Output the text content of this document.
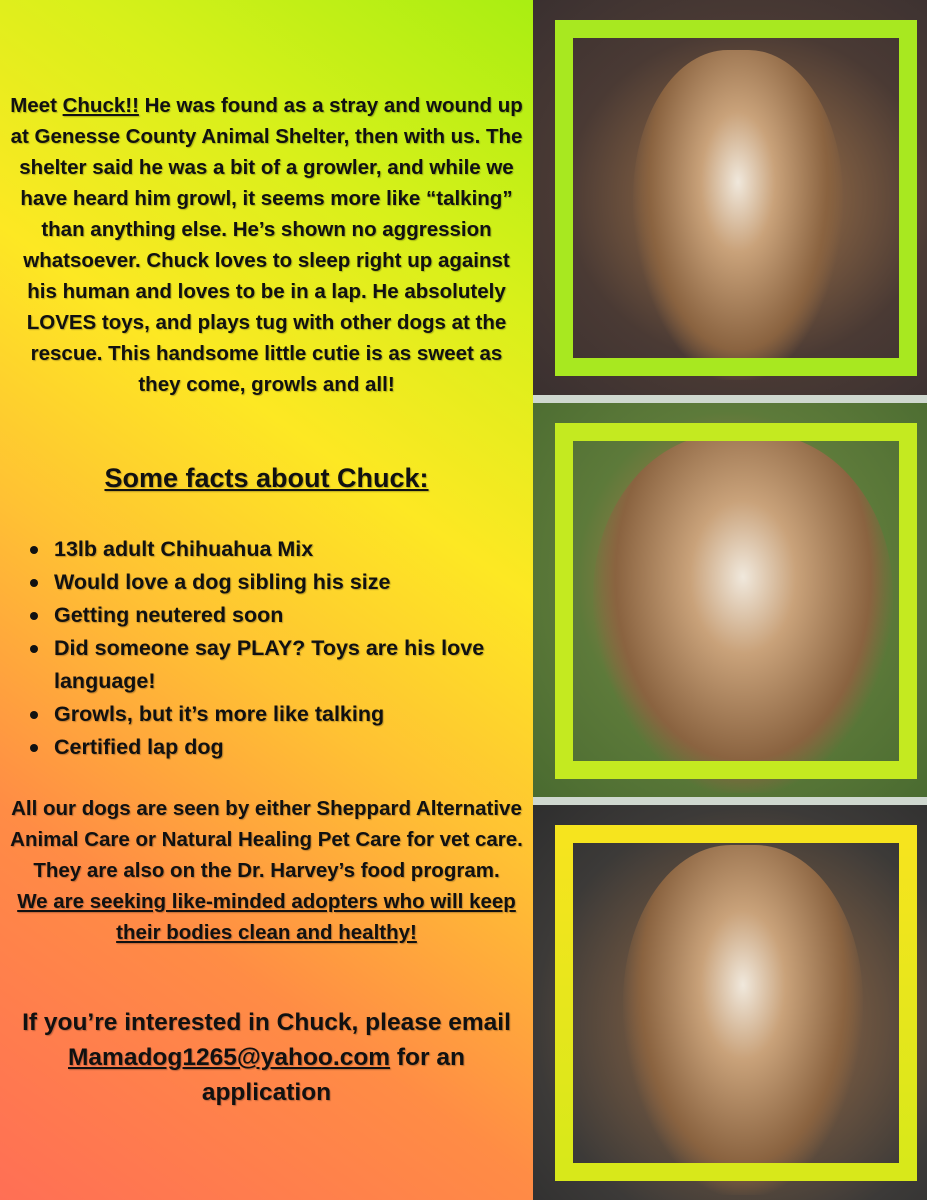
Meet Chuck!! He was found as a stray and wound up at Genesse County Animal Shelter, then with us. The shelter said he was a bit of a growler, and while we have heard him growl, it seems more like “talking” than anything else. He’s shown no aggression whatsoever. Chuck loves to sleep right up against his human and loves to be in a lap. He absolutely LOVES toys, and plays tug with other dogs at the rescue. This handsome little cutie is as sweet as they come, growls and all!
Some facts about Chuck:
13lb adult Chihuahua Mix
Would love a dog sibling his size
Getting neutered soon
Did someone say PLAY? Toys are his love language!
Growls, but it’s more like talking
Certified lap dog
All our dogs are seen by either Sheppard Alternative Animal Care or Natural Healing Pet Care for vet care. They are also on the Dr. Harvey’s food program.
We are seeking like-minded adopters who will keep their bodies clean and healthy!
If you’re interested in Chuck, please email Mamadog1265@yahoo.com for an application
